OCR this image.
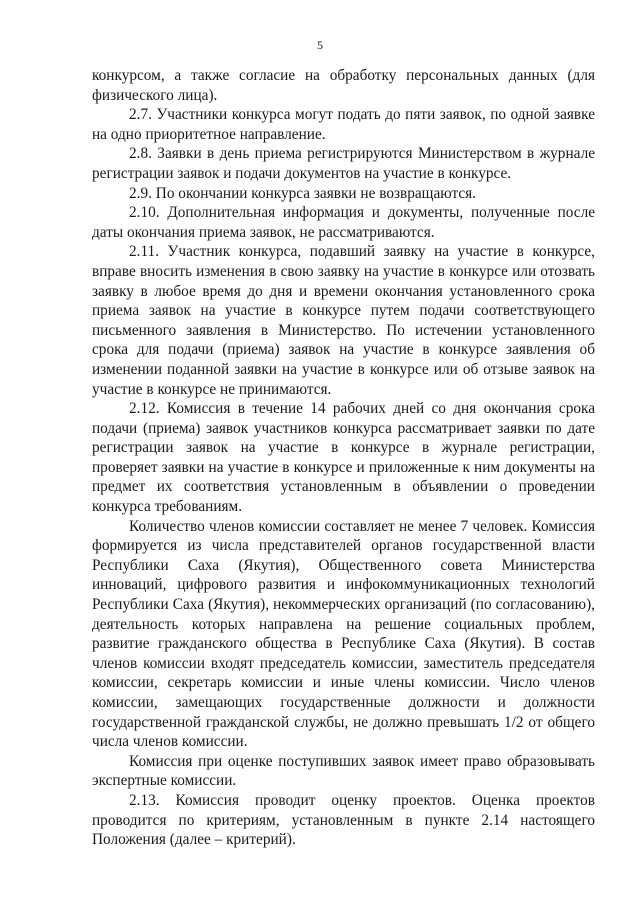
5

конкурсом, а также согласие на обработку персональных данных (для физического лица).

2.7. Участники конкурса могут подать до пяти заявок, по одной заявке на одно приоритетное направление.

2.8. Заявки в день приема регистрируются Министерством в журнале регистрации заявок и подачи документов на участие в конкурсе.

2.9. По окончании конкурса заявки не возвращаются.

2.10. Дополнительная информация и документы, полученные после даты окончания приема заявок, не рассматриваются.

2.11. Участник конкурса, подавший заявку на участие в конкурсе, вправе вносить изменения в свою заявку на участие в конкурсе или отозвать заявку в любое время до дня и времени окончания установленного срока приема заявок на участие в конкурсе путем подачи соответствующего письменного заявления в Министерство. По истечении установленного срока для подачи (приема) заявок на участие в конкурсе заявления об изменении поданной заявки на участие в конкурсе или об отзыве заявок на участие в конкурсе не принимаются.

2.12. Комиссия в течение 14 рабочих дней со дня окончания срока подачи (приема) заявок участников конкурса рассматривает заявки по дате регистрации заявок на участие в конкурсе в журнале регистрации, проверяет заявки на участие в конкурсе и приложенные к ним документы на предмет их соответствия установленным в объявлении о проведении конкурса требованиям.

Количество членов комиссии составляет не менее 7 человек. Комиссия формируется из числа представителей органов государственной власти Республики Саха (Якутия), Общественного совета Министерства инноваций, цифрового развития и инфокоммуникационных технологий Республики Саха (Якутия), некоммерческих организаций (по согласованию), деятельность которых направлена на решение социальных проблем, развитие гражданского общества в Республике Саха (Якутия). В состав членов комиссии входят председатель комиссии, заместитель председателя комиссии, секретарь комиссии и иные члены комиссии. Число членов комиссии, замещающих государственные должности и должности государственной гражданской службы, не должно превышать 1/2 от общего числа членов комиссии.

Комиссия при оценке поступивших заявок имеет право образовывать экспертные комиссии.

2.13. Комиссия проводит оценку проектов. Оценка проектов проводится по критериям, установленным в пункте 2.14 настоящего Положения (далее – критерий).
